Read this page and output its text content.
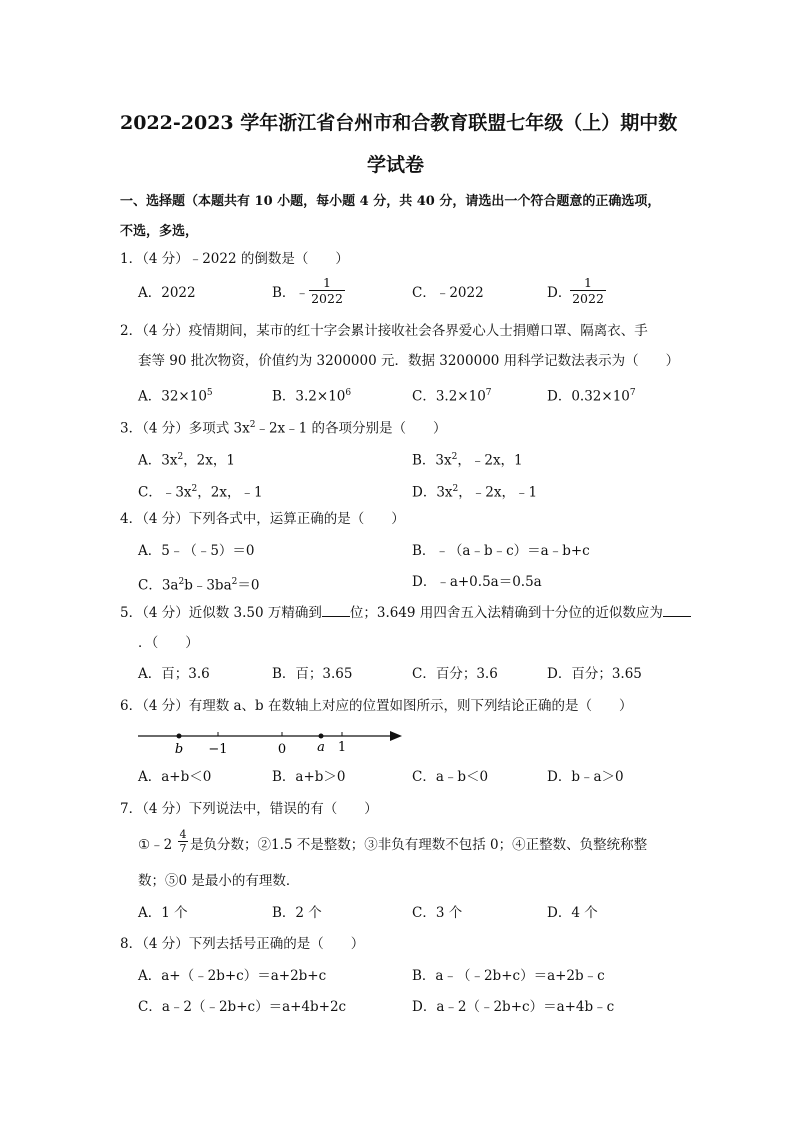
2022-2023 学年浙江省台州市和合教育联盟七年级（上）期中数
学试卷
一、选择题（本题共有 10 小题，每小题 4 分，共 40 分，请选出一个符合题意的正确选项，
不选，多选，
1．（4 分）﹣2022 的倒数是（　　）
A．2022	B．﹣ $\frac{1}{2022}$	C．﹣2022	D．
$\frac{1}{2022}$
2．（4 分）疫情期间，某市的红十字会累计接收社会各界爱心人士捐赠口罩、隔离衣、手
套等 90 批次物资，价值约为 3200000 元．数据 3200000 用科学记数法表示为（　　）
A．$32\times 10^5$	B．$3.2\times 10^6$	C．$3.2\times 10^7$	D．$0.32\times 10^7$
3．（4 分）多项式 $3x^2﹣2x﹣1$ 的各项分别是（　　）
A．$3x^2$，2x，1	B．$3x^2$，﹣2x，1
C．$﹣3x^2$，2x，﹣1	D．$3x^2$，﹣2x，﹣1
4．（4 分）下列各式中，运算正确的是（　　）
A．5﹣（﹣5）＝0	B．﹣（a﹣b﹣c）＝a﹣b+c
C．$3a^2b﹣3ba^2=0$	D．﹣a+0.5a＝0.5a
5．（4 分）近似数 3.50 万精确到 位；3.649 用四舍五入法精确到十分位的近似数应为
．（　　）
A．百；3.6	B．百；3.65	C．百分；3.6	D．百分；3.65
6．（4 分）有理数 a、b 在数轴上对应的位置如图所示，则下列结论正确的是（　　）
b −1	0 a 1
A．a+b＜0	B．a+b＞0	C．a﹣b＜0	D．b﹣a＞0
7．（4 分）下列说法中，错误的有（　　）
①﹣2 $\frac{4}{7}$ 是负分数；②1.5 不是整数；③非负有理数不包括 0；④正整数、负整统称整
数；⑤0 是最小的有理数．
A．1 个	B．2 个	C．3 个	D．4 个
8．（4 分）下列去括号正确的是（　　）
A．a+（﹣2b+c）＝a+2b+c	B．a﹣（﹣2b+c）＝a+2b﹣c
C．a﹣2（﹣2b+c）＝a+4b+2c	D．a﹣2（﹣2b+c）＝a+4b﹣c
